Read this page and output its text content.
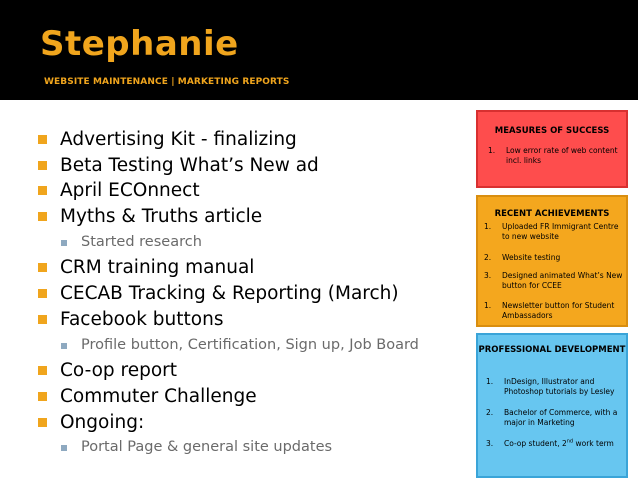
Stephanie
WEBSITE MAINTENANCE | MARKETING REPORTS
Advertising Kit - finalizing
Beta Testing What’s New ad
April ECOnnect
Myths & Truths article
Started research
CRM training manual
CECAB Tracking & Reporting (March)
Facebook buttons
Profile button, Certification, Sign up, Job Board
Co-op report
Commuter Challenge
Ongoing:
Portal Page & general site updates
MEASURES OF SUCCESS
1. Low error rate of web content incl. links
RECENT ACHIEVEMENTS
1. Uploaded FR Immigrant Centre to new website
2. Website testing
3. Designed animated What’s New button for CCEE
1. Newsletter button for Student Ambassadors
PROFESSIONAL DEVELOPMENT
1. InDesign, Illustrator and Photoshop tutorials by Lesley
2. Bachelor of Commerce, with a major in Marketing
3. Co-op student, 2nd work term
